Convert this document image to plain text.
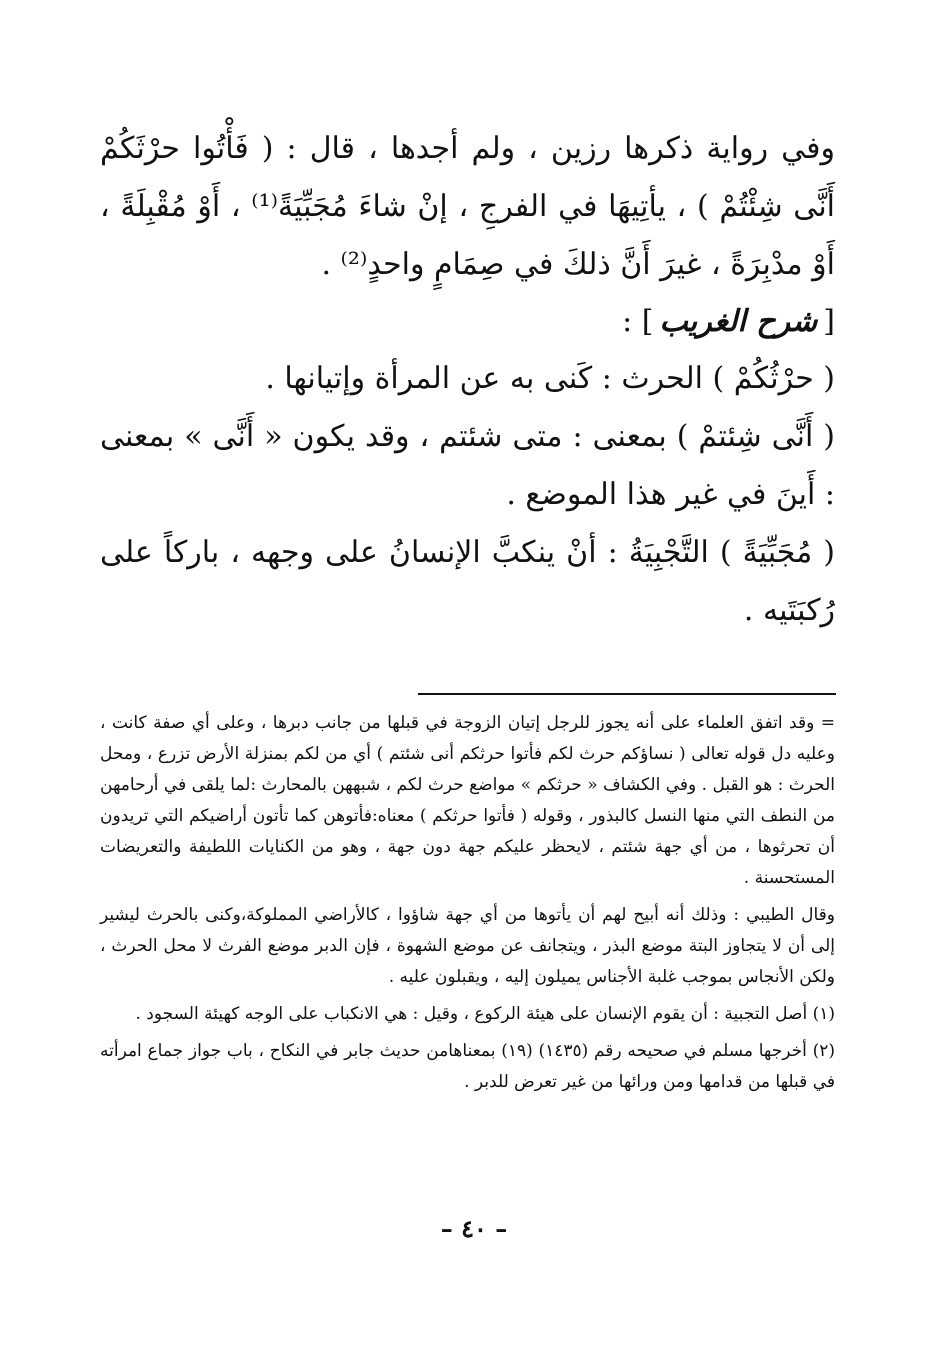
وفي رواية ذكرها رزين ، ولم أجدها ، قال : ( فَأْتُوا حرْثَكُمْ أَنَّى شِئْتُمْ ) ، يأتِيهَا في الفرجِ ، إنْ شاءَ مُجَبِّيَةً⁽¹⁾ ، أَوْ مُقْبِلَةً ، أَوْ مدْبِرَةً ، غيرَ أَنَّ ذلكَ في صِمَامٍ واحدٍ⁽²⁾ .

[شرح الغريب] :

( حرْثُكُمْ ) الحرث : كَنى به عن المرأة وإتيانها .

( أَنَّى شِئتمْ ) بمعنى : متى شئتم ، وقد يكون « أَنَّى » بمعنى : أَينَ في غير هذا الموضع .

( مُجَبِّيَةً ) التَّجْبِيَةُ : أنْ ينكبَّ الإنسانُ على وجهه ، باركاً على رُكبَتَيه .

= وقد اتفق العلماء على أنه يجوز للرجل إتيان الزوجة في قبلها من جانب دبرها ، وعلى أي صفة كانت ، وعليه دل قوله تعالى ( نساؤكم حرث لكم فأتوا حرثكم أنى شئتم ) أي من لكم بمنزلة الأرض تزرع ، ومحل الحرث : هو القبل . وفي الكشاف « حرثكم » مواضع حرث لكم ، شبههن بالمحارث :لما يلقى في أرحامهن من النطف التي منها النسل كالبذور ، وقوله ( فأتوا حرثكم ) معناه:فأتوهن كما تأتون أراضيكم التي تريدون أن تحرثوها ، من أي جهة شئتم ، لايحظر عليكم جهة دون جهة ، وهو من الكنايات اللطيفة والتعريضات المستحسنة .

وقال الطيبي : وذلك أنه أبيح لهم أن يأتوها من أي جهة شاؤوا ، كالأراضي المملوكة،وكنى بالحرث ليشير إلى أن لا يتجاوز البتة موضع البذر ، ويتجانف عن موضع الشهوة ، فإن الدبر موضع الفرث لا محل الحرث ، ولكن الأنجاس بموجب غلبة الأجناس يميلون إليه ، ويقبلون عليه .

(١) أصل التجبية : أن يقوم الإنسان على هيئة الركوع ، وقيل : هي الانكباب على الوجه كهيئة السجود .

(٢) أخرجها مسلم في صحيحه رقم (١٤٣٥) (١٩) بمعناهامن حديث جابر في النكاح ، باب جواز جماع امرأته في قبلها من قدامها ومن ورائها من غير تعرض للدبر .

– ٤٠ –
